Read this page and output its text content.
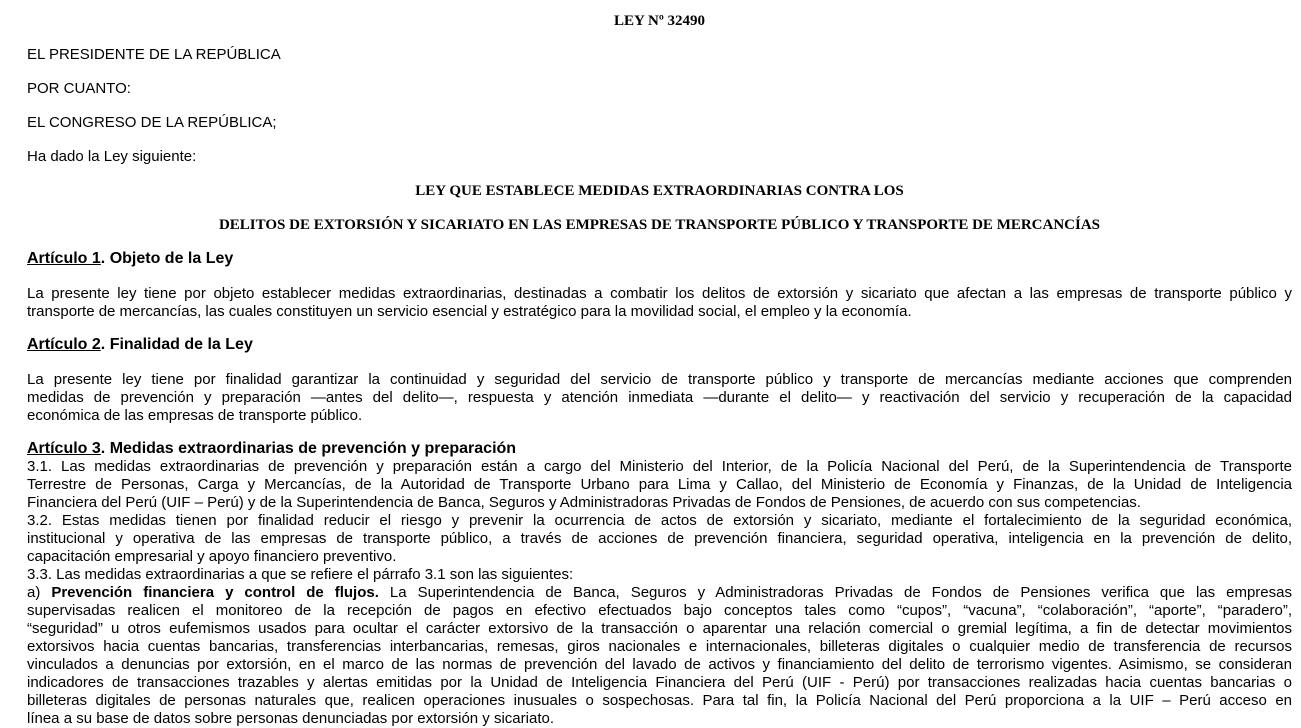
LEY Nº 32490

EL PRESIDENTE DE LA REPÚBLICA

POR CUANTO:

EL CONGRESO DE LA REPÚBLICA;

Ha dado la Ley siguiente:

LEY QUE ESTABLECE MEDIDAS EXTRAORDINARIAS CONTRA LOS

DELITOS DE EXTORSIÓN Y SICARIATO EN LAS EMPRESAS DE TRANSPORTE PÚBLICO Y TRANSPORTE DE MERCANCÍAS

Artículo 1. Objeto de la Ley

La presente ley tiene por objeto establecer medidas extraordinarias, destinadas a combatir los delitos de extorsión y sicariato que afectan a las empresas de transporte público y
transporte de mercancías, las cuales constituyen un servicio esencial y estratégico para la movilidad social, el empleo y la economía.

Artículo 2. Finalidad de la Ley

La presente ley tiene por finalidad garantizar la continuidad y seguridad del servicio de transporte público y transporte de mercancías mediante acciones que comprenden
medidas de prevención y preparación —antes del delito—, respuesta y atención inmediata —durante el delito— y reactivación del servicio y recuperación de la capacidad
económica de las empresas de transporte público.

Artículo 3. Medidas extraordinarias de prevención y preparación

3.1. Las medidas extraordinarias de prevención y preparación están a cargo del Ministerio del Interior, de la Policía Nacional del Perú, de la Superintendencia de Transporte
Terrestre de Personas, Carga y Mercancías, de la Autoridad de Transporte Urbano para Lima y Callao, del Ministerio de Economía y Finanzas, de la Unidad de Inteligencia
Financiera del Perú (UIF – Perú) y de la Superintendencia de Banca, Seguros y Administradoras Privadas de Fondos de Pensiones, de acuerdo con sus competencias.
3.2. Estas medidas tienen por finalidad reducir el riesgo y prevenir la ocurrencia de actos de extorsión y sicariato, mediante el fortalecimiento de la seguridad económica,
institucional y operativa de las empresas de transporte público, a través de acciones de prevención financiera, seguridad operativa, inteligencia en la prevención de delito,
capacitación empresarial y apoyo financiero preventivo.
3.3. Las medidas extraordinarias a que se refiere el párrafo 3.1 son las siguientes:
a) Prevención financiera y control de flujos. La Superintendencia de Banca, Seguros y Administradoras Privadas de Fondos de Pensiones verifica que las empresas
supervisadas realicen el monitoreo de la recepción de pagos en efectivo efectuados bajo conceptos tales como “cupos”, “vacuna”, “colaboración”, “aporte”, “paradero”,
“seguridad” u otros eufemismos usados para ocultar el carácter extorsivo de la transacción o aparentar una relación comercial o gremial legítima, a fin de detectar movimientos
extorsivos hacia cuentas bancarias, transferencias interbancarias, remesas, giros nacionales e internacionales, billeteras digitales o cualquier medio de transferencia de recursos
vinculados a denuncias por extorsión, en el marco de las normas de prevención del lavado de activos y financiamiento del delito de terrorismo vigentes. Asimismo, se consideran
indicadores de transacciones trazables y alertas emitidas por la Unidad de Inteligencia Financiera del Perú (UIF - Perú) por transacciones realizadas hacia cuentas bancarias o
billeteras digitales de personas naturales que, realicen operaciones inusuales o sospechosas. Para tal fin, la Policía Nacional del Perú proporciona a la UIF – Perú acceso en
línea a su base de datos sobre personas denunciadas por extorsión y sicariato.
